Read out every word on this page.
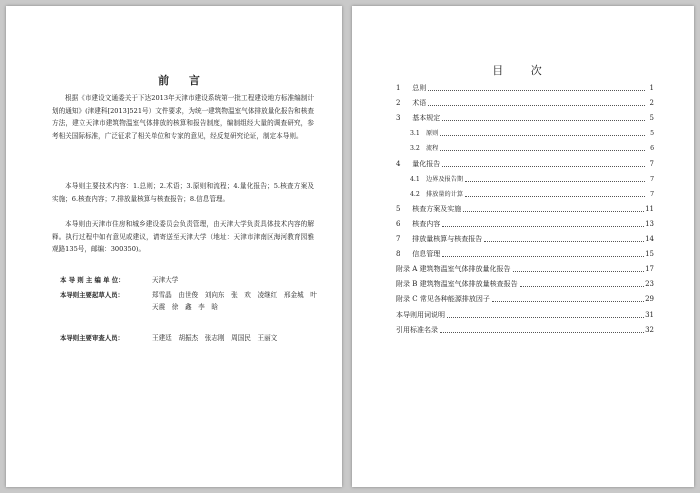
前 言
根据《市建设文通委关于下达2013年天津市建设系统第一批工程建设地方标准编制计划的通知》(津建科[2013]521号）文件要求，为统一建筑物温室气体排放量化报告和核查方法，建立天津市建筑物温室气体排放的核算和报告制度，编制组经大量的调查研究，参考相关国际标准，广泛征求了相关单位和专家的意见，经反复研究论证，制定本导则。
本导则主要技术内容：1.总则；2.术语；3.原则和流程；4.量化报告；5.核查方案及实施；6.核查内容；7.排放量核算与核查报告；8.信息管理。
本导则由天津市住房和城乡建设委员会负责管理，由天津大学负责具体技术内容的解释。执行过程中如有意见或建议，请寄送至天津大学（地址：天津市津南区海河教育园雅观路135号，邮编：300350)。
本 导 则 主 编 单 位：	天津大学
本导则主要起草人员：	郑雪晶　由世俊　刘向东　张　欢　凌继红　邢金城　叶天震　徐　鑫　李　晗
本导则主要审查人员：	王建廷　胡振杰　张志刚　周国民　王丽文
目 次
1 总则	1
2 术语	2
3 基本规定	5
3.1 原则	5
3.2 流程	6
4 量化报告	7
4.1 边界及报告期	7
4.2 排放量的计算	7
5 核查方案及实施	11
6 核查内容	13
7 排放量核算与核查报告	14
8 信息管理	15
附录 A 建筑物温室气体排放量化报告	17
附录 B 建筑物温室气体排放量核查报告	23
附录 C 常见各种能源排放因子	29
本导则用词说明	31
引用标准名录	32
